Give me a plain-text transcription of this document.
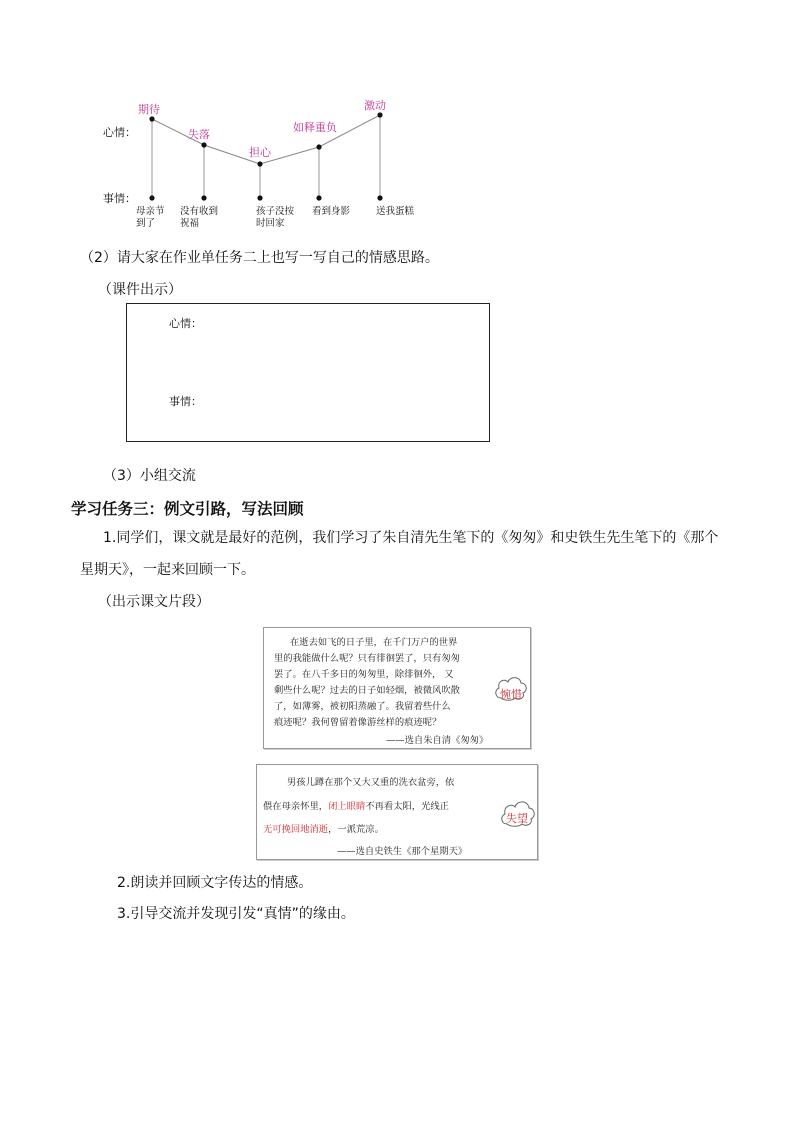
心情：
事情：
期待
失落
担心
如释重负
激动
母亲节
到了
没有收到
祝福
孩子没按
时回家
看到身影	送我蛋糕
（2）请大家在作业单任务二上也写一写自己的情感思路。
（课件出示）
心情：
事情：
（3）小组交流
学习任务三：例文引路，写法回顾
1.同学们，课文就是最好的范例，我们学习了朱自清先生笔下的《匆匆》和史铁生先生笔下的《那个
星期天》，一起来回顾一下。
（出示课文片段）
在逝去如飞的日子里，在千门万户的世界
里的我能做什么呢？只有徘徊罢了，只有匆匆
罢了。在八千多日的匆匆里，除徘徊外， 又
剩些什么呢？过去的日子如轻烟，被微风吹散
了，如薄雾，被初阳蒸融了。我留着些什么
痕迹呢？我何曾留着像游丝样的痕迹呢？
——选自朱自清《匆匆》
惋惜
男孩儿蹲在那个又大又重的洗衣盆旁，依
偎在母亲怀里，闭上眼睛不再看太阳，光线正
无可挽回地消逝，一派荒凉。
——选自史铁生《那个星期天》
失望
2.朗读并回顾文字传达的情感。
3.引导交流并发现引发“真情”的缘由。
